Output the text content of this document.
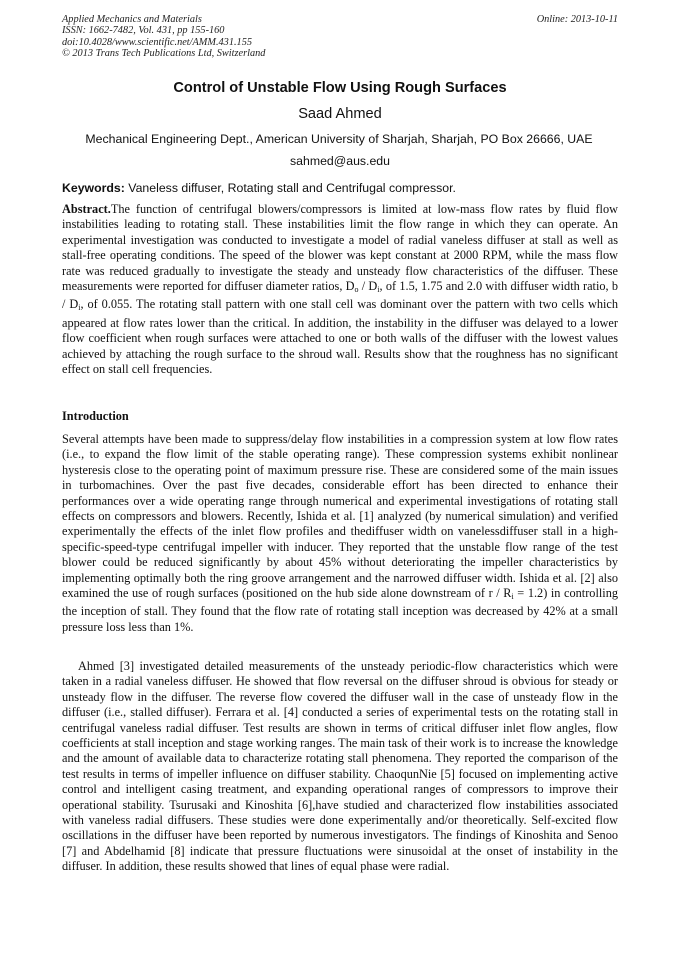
Applied Mechanics and Materials	Online: 2013-10-11
ISSN: 1662-7482, Vol. 431, pp 155-160
doi:10.4028/www.scientific.net/AMM.431.155
© 2013 Trans Tech Publications Ltd, Switzerland
Control of Unstable Flow Using Rough Surfaces
Saad Ahmed
Mechanical Engineering Dept., American University of Sharjah, Sharjah, PO Box 26666, UAE
sahmed@aus.edu
Keywords: Vaneless diffuser, Rotating stall and Centrifugal compressor.
Abstract.The function of centrifugal blowers/compressors is limited at low-mass flow rates by fluid flow instabilities leading to rotating stall. These instabilities limit the flow range in which they can operate. An experimental investigation was conducted to investigate a model of radial vaneless diffuser at stall as well as stall-free operating conditions. The speed of the blower was kept constant at 2000 RPM, while the mass flow rate was reduced gradually to investigate the steady and unsteady flow characteristics of the diffuser. These measurements were reported for diffuser diameter ratios, $D_o / D_i$, of 1.5, 1.75 and 2.0 with diffuser width ratio, b / $D_i$, of 0.055. The rotating stall pattern with one stall cell was dominant over the pattern with two cells which appeared at flow rates lower than the critical. In addition, the instability in the diffuser was delayed to a lower flow coefficient when rough surfaces were attached to one or both walls of the diffuser with the lowest values achieved by attaching the rough surface to the shroud wall. Results show that the roughness has no significant effect on stall cell frequencies.
Introduction
Several attempts have been made to suppress/delay flow instabilities in a compression system at low flow rates (i.e., to expand the flow limit of the stable operating range). These compression systems exhibit nonlinear hysteresis close to the operating point of maximum pressure rise. These are considered some of the main issues in turbomachines. Over the past five decades, considerable effort has been directed to enhance their performances over a wide operating range through numerical and experimental investigations of rotating stall effects on compressors and blowers. Recently, Ishida et al. [1] analyzed (by numerical simulation) and verified experimentally the effects of the inlet flow profiles and thediffuser width on vanelessdiffuser stall in a high-specific-speed-type centrifugal impeller with inducer. They reported that the unstable flow range of the test blower could be reduced significantly by about 45% without deteriorating the impeller characteristics by implementing optimally both the ring groove arrangement and the narrowed diffuser width. Ishida et al. [2] also examined the use of rough surfaces (positioned on the hub side alone downstream of $r / R_i = 1.2$) in controlling the inception of stall. They found that the flow rate of rotating stall inception was decreased by 42% at a small pressure loss less than 1%.
Ahmed [3] investigated detailed measurements of the unsteady periodic-flow characteristics which were taken in a radial vaneless diffuser. He showed that flow reversal on the diffuser shroud is obvious for steady or unsteady flow in the diffuser. The reverse flow covered the diffuser wall in the case of unsteady flow in the diffuser (i.e., stalled diffuser). Ferrara et al. [4] conducted a series of experimental tests on the rotating stall in centrifugal vaneless radial diffuser. Test results are shown in terms of critical diffuser inlet flow angles, flow coefficients at stall inception and stage working ranges. The main task of their work is to increase the knowledge and the amount of available data to characterize rotating stall phenomena. They reported the comparison of the test results in terms of impeller influence on diffuser stability. ChaoqunNie [5] focused on implementing active control and intelligent casing treatment, and expanding operational ranges of compressors to improve their operational stability. Tsurusaki and Kinoshita [6],have studied and characterized flow instabilities associated with vaneless radial diffusers. These studies were done experimentally and/or theoretically. Self-excited flow oscillations in the diffuser have been reported by numerous investigators. The findings of Kinoshita and Senoo [7] and Abdelhamid [8] indicate that pressure fluctuations were sinusoidal at the onset of instability in the diffuser. In addition, these results showed that lines of equal phase were radial.
